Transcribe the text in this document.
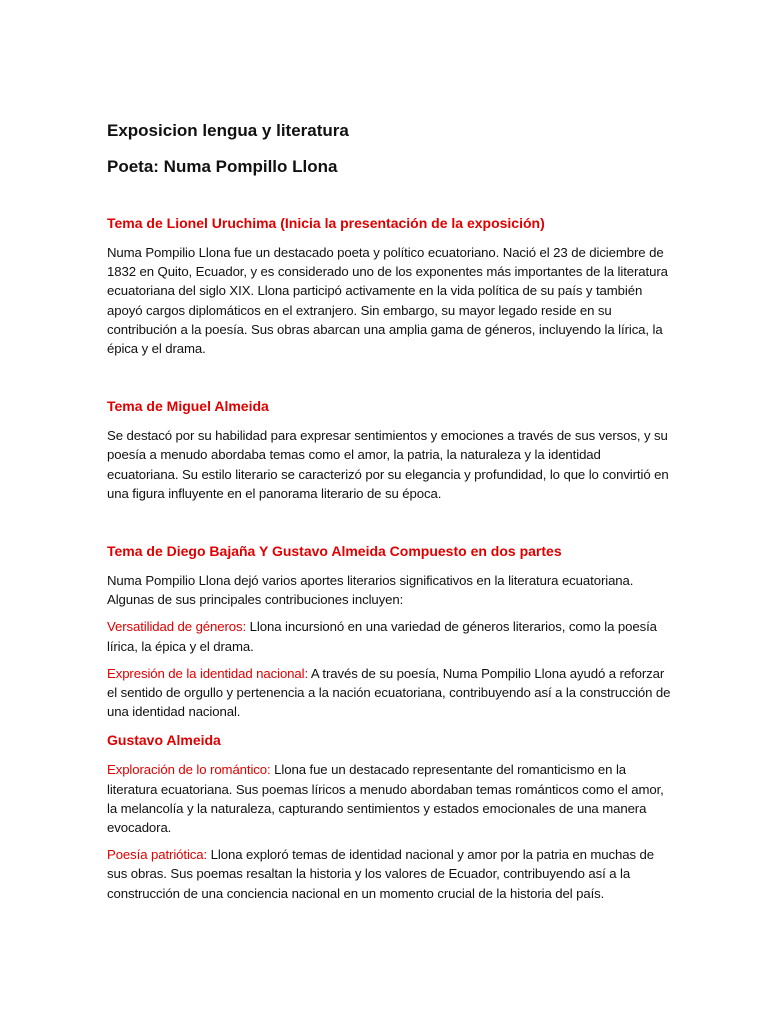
Exposicion lengua y literatura
Poeta: Numa Pompillo Llona
Tema de Lionel Uruchima (Inicia la presentación de la exposición)

Numa Pompilio Llona fue un destacado poeta y político ecuatoriano. Nació el 23 de diciembre de 1832 en Quito, Ecuador, y es considerado uno de los exponentes más importantes de la literatura ecuatoriana del siglo XIX. Llona participó activamente en la vida política de su país y también apoyó cargos diplomáticos en el extranjero. Sin embargo, su mayor legado reside en su contribución a la poesía. Sus obras abarcan una amplia gama de géneros, incluyendo la lírica, la épica y el drama.

Tema de Miguel Almeida

Se destacó por su habilidad para expresar sentimientos y emociones a través de sus versos, y su poesía a menudo abordaba temas como el amor, la patria, la naturaleza y la identidad ecuatoriana. Su estilo literario se caracterizó por su elegancia y profundidad, lo que lo convirtió en una figura influyente en el panorama literario de su época.

Tema de Diego Bajaña Y Gustavo Almeida Compuesto en dos partes

Numa Pompilio Llona dejó varios aportes literarios significativos en la literatura ecuatoriana. Algunas de sus principales contribuciones incluyen:

Versatilidad de géneros: Llona incursionó en una variedad de géneros literarios, como la poesía lírica, la épica y el drama.

Expresión de la identidad nacional: A través de su poesía, Numa Pompilio Llona ayudó a reforzar el sentido de orgullo y pertenencia a la nación ecuatoriana, contribuyendo así a la construcción de una identidad nacional.

Gustavo Almeida

Exploración de lo romántico: Llona fue un destacado representante del romanticismo en la literatura ecuatoriana. Sus poemas líricos a menudo abordaban temas románticos como el amor, la melancolía y la naturaleza, capturando sentimientos y estados emocionales de una manera evocadora.

Poesía patriótica: Llona exploró temas de identidad nacional y amor por la patria en muchas de sus obras. Sus poemas resaltan la historia y los valores de Ecuador, contribuyendo así a la construcción de una conciencia nacional en un momento crucial de la historia del país.
